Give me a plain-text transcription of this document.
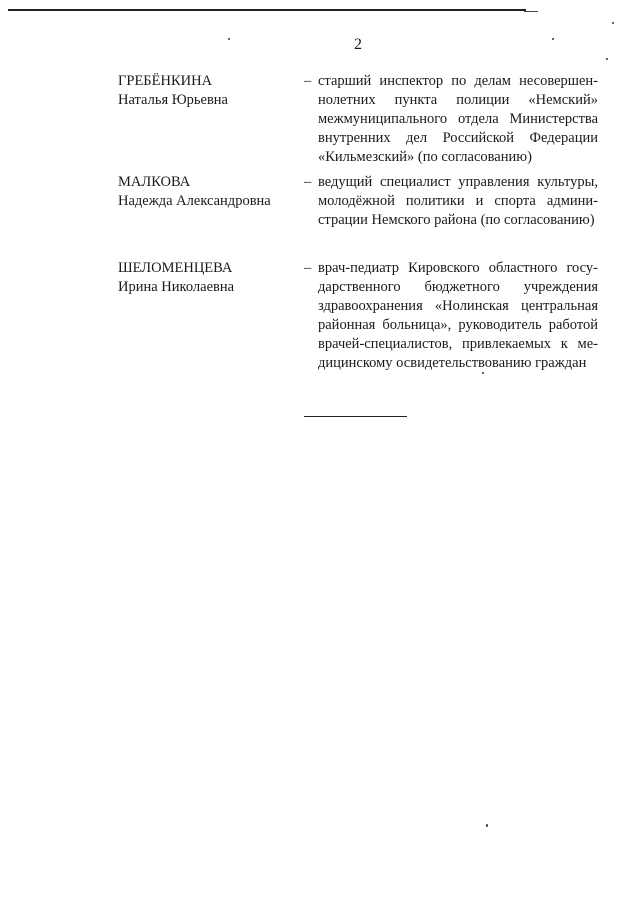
2
ГРЕБЁНКИНА
Наталья Юрьевна
– старший инспектор по делам несовершеннолетних пункта полиции «Немский» межмуниципального отдела Министерства внутренних дел Российской Федерации «Кильмезский» (по согласованию)
МАЛКОВА
Надежда Александровна
– ведущий специалист управления культуры, молодёжной политики и спорта администрации Немского района (по согласованию)
ШЕЛОМЕНЦЕВА
Ирина Николаевна
– врач-педиатр Кировского областного государственного бюджетного учреждения здравоохранения «Нолинская центральная районная больница», руководитель работой врачей-специалистов, привлекаемых к медицинскому освидетельствованию граждан
